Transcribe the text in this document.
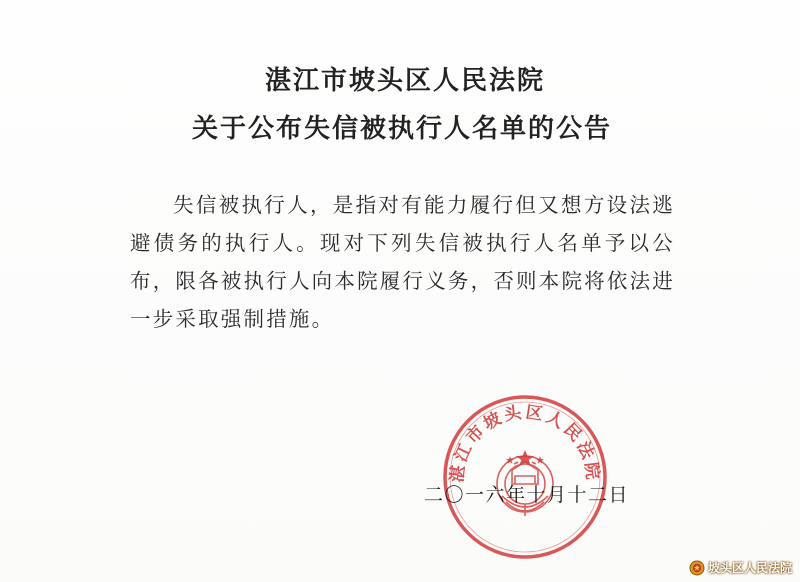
湛江市坡头区人民法院
关于公布失信被执行人名单的公告
失信被执行人，是指对有能力履行但又想方设法逃避债务的执行人。现对下列失信被执行人名单予以公布，限各被执行人向本院履行义务，否则本院将依法进一步采取强制措施。
湛江市坡头区人民法院
二〇一六年十月十二日
坡头区人民法院
